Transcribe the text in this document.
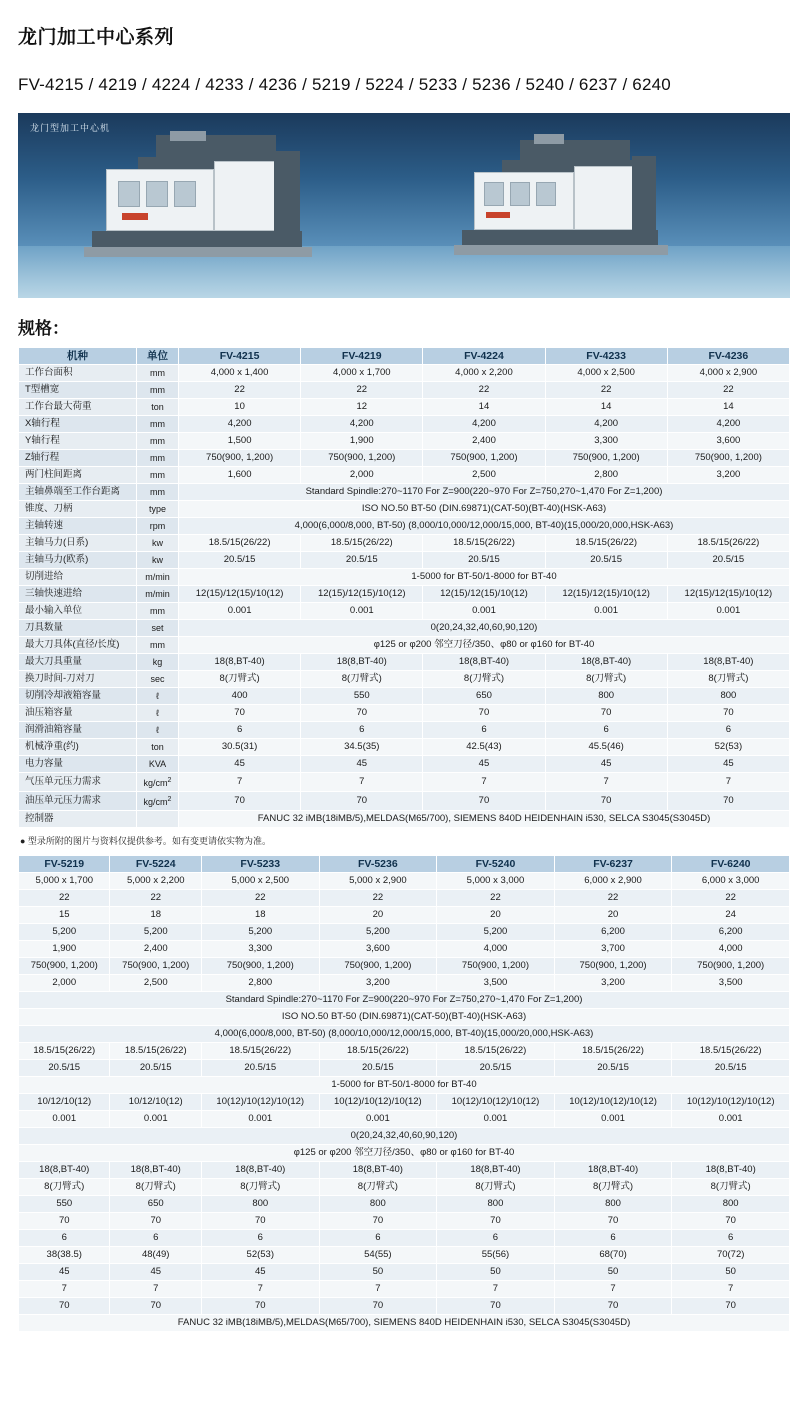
龙门加工中心系列
FV-4215 / 4219 / 4224 / 4233 / 4236 / 5219 / 5224 / 5233 / 5236 / 5240 / 6237 / 6240
龙门型加工中心机
规格：
机种	单位	FV-4215	FV-4219	FV-4224	FV-4233	FV-4236
工作台面积	mm	4,000 x 1,400	4,000 x 1,700	4,000 x 2,200	4,000 x 2,500	4,000 x 2,900
T型槽宽	mm	22	22	22	22	22
工作台最大荷重	ton	10	12	14	14	14
X轴行程	mm	4,200	4,200	4,200	4,200	4,200
Y轴行程	mm	1,500	1,900	2,400	3,300	3,600
Z轴行程	mm	750(900, 1,200)	750(900, 1,200)	750(900, 1,200)	750(900, 1,200)	750(900, 1,200)
两门柱间距离	mm	1,600	2,000	2,500	2,800	3,200
主轴鼻端至工作台距离	mm	Standard Spindle:270~1170 For Z=900(220~970 For Z=750,270~1,470 For Z=1,200)				
锥度、刀柄	type	ISO NO.50 BT-50 (DIN.69871)(CAT-50)(BT-40)(HSK-A63)				
主轴转速	rpm	4,000(6,000/8,000, BT-50) (8,000/10,000/12,000/15,000, BT-40)(15,000/20,000,HSK-A63)				
主轴马力(日系)	kw	18.5/15(26/22)	18.5/15(26/22)	18.5/15(26/22)	18.5/15(26/22)	18.5/15(26/22)
主轴马力(欧系)	kw	20.5/15	20.5/15	20.5/15	20.5/15	20.5/15
切削进给	m/min	1-5000 for BT-50/1-8000 for BT-40				
三轴快速进给	m/min	12(15)/12(15)/10(12)	12(15)/12(15)/10(12)	12(15)/12(15)/10(12)	12(15)/12(15)/10(12)	12(15)/12(15)/10(12)
最小输入单位	mm	0.001	0.001	0.001	0.001	0.001
刀具数量	set	0(20,24,32,40,60,90,120)				
最大刀具体(直径/长度)	mm	φ125 or φ200 邻空刀径/350、φ80 or φ160 for BT-40				
最大刀具重量	kg	18(8,BT-40)	18(8,BT-40)	18(8,BT-40)	18(8,BT-40)	18(8,BT-40)
换刀时间-刀对刀	sec	8(刀臂式)	8(刀臂式)	8(刀臂式)	8(刀臂式)	8(刀臂式)
切削冷却液箱容量	ℓ	400	550	650	800	800
油压箱容量	ℓ	70	70	70	70	70
润滑油箱容量	ℓ	6	6	6	6	6
机械净重(约)	ton	30.5(31)	34.5(35)	42.5(43)	45.5(46)	52(53)
电力容量	KVA	45	45	45	45	45
气压单元压力需求	$kg/cm^2$	7	7	7	7	7
油压单元压力需求	$kg/cm^2$	70	70	70	70	70
控制器		FANUC 32 iMB(18iMB/5),MELDAS(M65/700), SIEMENS 840D HEIDENHAIN i530, SELCA S3045(S3045D)				
● 型录所附的图片与资料仅提供参考。如有变更请依实物为准。
FV-5219	FV-5224	FV-5233	FV-5236	FV-5240	FV-6237	FV-6240
5,000 x 1,700	5,000 x 2,200	5,000 x 2,500	5,000 x 2,900	5,000 x 3,000	6,000 x 2,900	6,000 x 3,000
22	22	22	22	22	22	22
15	18	18	20	20	20	24
5,200	5,200	5,200	5,200	5,200	6,200	6,200
1,900	2,400	3,300	3,600	4,000	3,700	4,000
750(900, 1,200)	750(900, 1,200)	750(900, 1,200)	750(900, 1,200)	750(900, 1,200)	750(900, 1,200)	750(900, 1,200)
2,000	2,500	2,800	3,200	3,500	3,200	3,500
Standard Spindle:270~1170 For Z=900(220~970 For Z=750,270~1,470 For Z=1,200)						
ISO NO.50 BT-50 (DIN.69871)(CAT-50)(BT-40)(HSK-A63)						
4,000(6,000/8,000, BT-50) (8,000/10,000/12,000/15,000, BT-40)(15,000/20,000,HSK-A63)						
18.5/15(26/22)	18.5/15(26/22)	18.5/15(26/22)	18.5/15(26/22)	18.5/15(26/22)	18.5/15(26/22)	18.5/15(26/22)
20.5/15	20.5/15	20.5/15	20.5/15	20.5/15	20.5/15	20.5/15
1-5000 for BT-50/1-8000 for BT-40						
10/12/10(12)	10/12/10(12)	10(12)/10(12)/10(12)	10(12)/10(12)/10(12)	10(12)/10(12)/10(12)	10(12)/10(12)/10(12)	10(12)/10(12)/10(12)
0.001	0.001	0.001	0.001	0.001	0.001	0.001
0(20,24,32,40,60,90,120)						
φ125 or φ200 邻空刀径/350、φ80 or φ160 for BT-40						
18(8,BT-40)	18(8,BT-40)	18(8,BT-40)	18(8,BT-40)	18(8,BT-40)	18(8,BT-40)	18(8,BT-40)
8(刀臂式)	8(刀臂式)	8(刀臂式)	8(刀臂式)	8(刀臂式)	8(刀臂式)	8(刀臂式)
550	650	800	800	800	800	800
70	70	70	70	70	70	70
6	6	6	6	6	6	6
38(38.5)	48(49)	52(53)	54(55)	55(56)	68(70)	70(72)
45	45	45	50	50	50	50
7	7	7	7	7	7	7
70	70	70	70	70	70	70
FANUC 32 iMB(18iMB/5),MELDAS(M65/700), SIEMENS 840D HEIDENHAIN i530, SELCA S3045(S3045D)						
